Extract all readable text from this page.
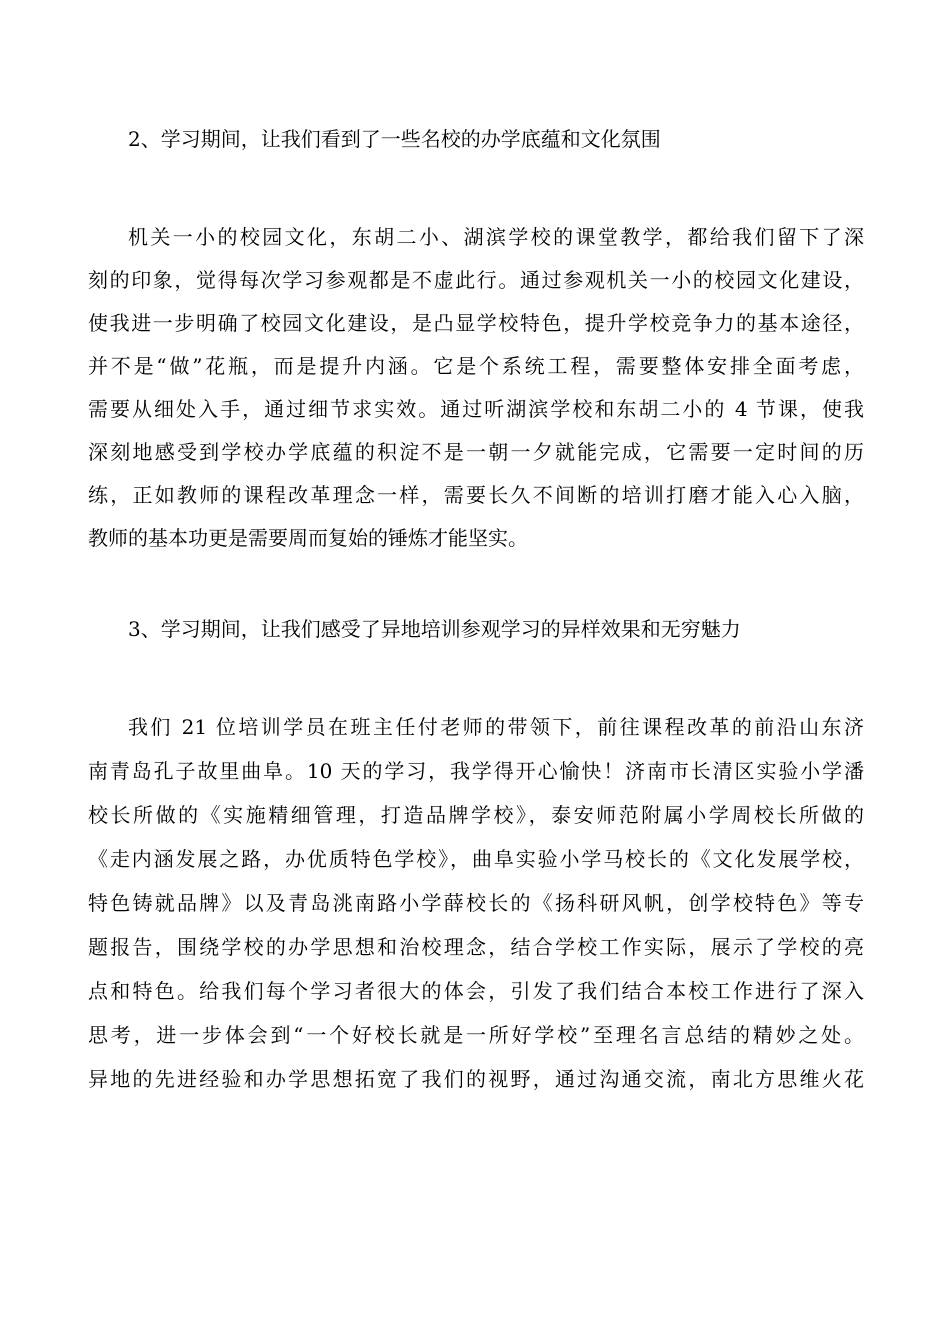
2、学习期间，让我们看到了一些名校的办学底蕴和文化氛围
机关一小的校园文化，东胡二小、湖滨学校的课堂教学，都给我们留下了深
刻的印象，觉得每次学习参观都是不虚此行。通过参观机关一小的校园文化建设，
使我进一步明确了校园文化建设，是凸显学校特色，提升学校竞争力的基本途径，
并不是“做”花瓶，而是提升内涵。它是个系统工程，需要整体安排全面考虑，
需要从细处入手，通过细节求实效。通过听湖滨学校和东胡二小的 4 节课，使我
深刻地感受到学校办学底蕴的积淀不是一朝一夕就能完成，它需要一定时间的历
练，正如教师的课程改革理念一样，需要长久不间断的培训打磨才能入心入脑，
教师的基本功更是需要周而复始的锤炼才能坚实。
3、学习期间，让我们感受了异地培训参观学习的异样效果和无穷魅力
我们 21 位培训学员在班主任付老师的带领下，前往课程改革的前沿山东济
南青岛孔子故里曲阜。10 天的学习，我学得开心愉快！济南市长清区实验小学潘
校长所做的《实施精细管理，打造品牌学校》，泰安师范附属小学周校长所做的
《走内涵发展之路，办优质特色学校》，曲阜实验小学马校长的《文化发展学校，
特色铸就品牌》以及青岛洮南路小学薛校长的《扬科研风帆，创学校特色》等专
题报告，围绕学校的办学思想和治校理念，结合学校工作实际，展示了学校的亮
点和特色。给我们每个学习者很大的体会，引发了我们结合本校工作进行了深入
思考，进一步体会到“一个好校长就是一所好学校”至理名言总结的精妙之处。
异地的先进经验和办学思想拓宽了我们的视野，通过沟通交流，南北方思维火花
